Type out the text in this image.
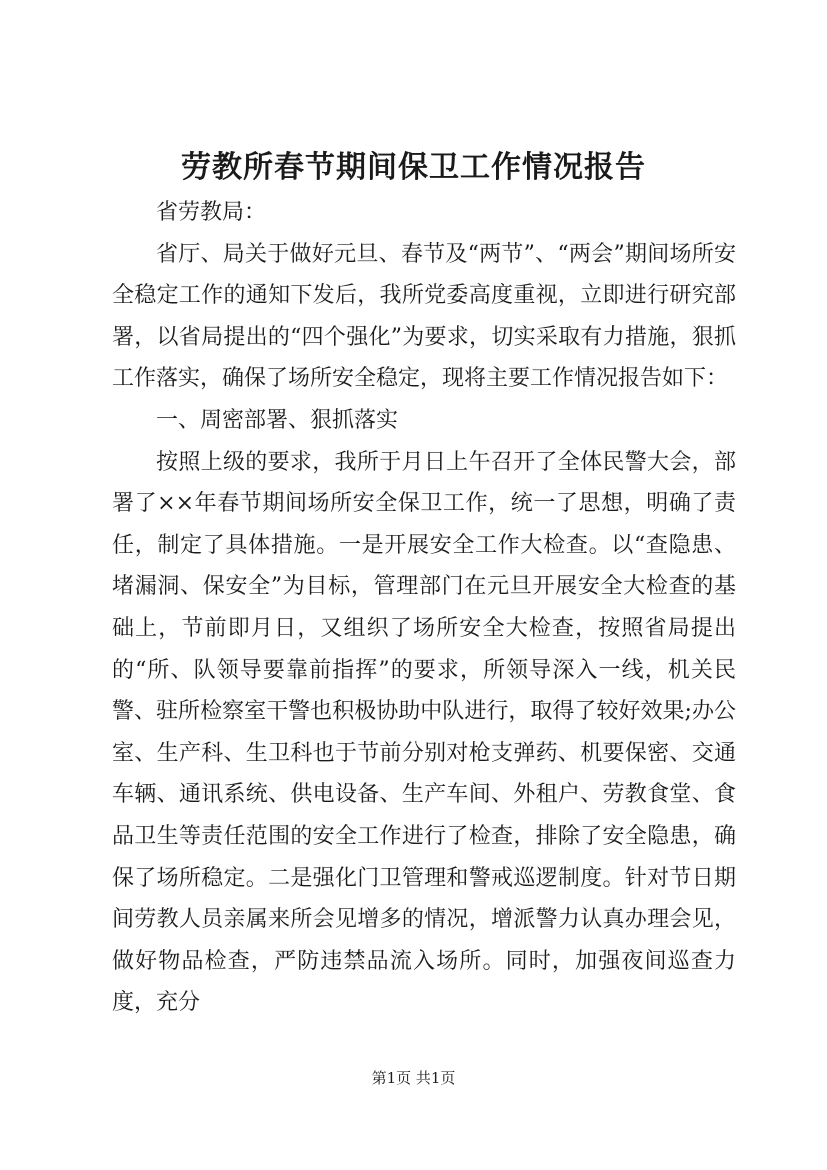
劳教所春节期间保卫工作情况报告

省劳教局：

省厅、局关于做好元旦、春节及“两节”、“两会”期间场所安全稳定工作的通知下发后，我所党委高度重视，立即进行研究部署，以省局提出的“四个强化”为要求，切实采取有力措施，狠抓工作落实，确保了场所安全稳定，现将主要工作情况报告如下：

一、周密部署、狠抓落实

按照上级的要求，我所于月日上午召开了全体民警大会，部署了××年春节期间场所安全保卫工作，统一了思想，明确了责任，制定了具体措施。一是开展安全工作大检查。以“查隐患、堵漏洞、保安全”为目标，管理部门在元旦开展安全大检查的基础上，节前即月日，又组织了场所安全大检查，按照省局提出的“所、队领导要靠前指挥”的要求，所领导深入一线，机关民警、驻所检察室干警也积极协助中队进行，取得了较好效果;办公室、生产科、生卫科也于节前分别对枪支弹药、机要保密、交通车辆、通讯系统、供电设备、生产车间、外租户、劳教食堂、食品卫生等责任范围的安全工作进行了检查，排除了安全隐患，确保了场所稳定。二是强化门卫管理和警戒巡逻制度。针对节日期间劳教人员亲属来所会见增多的情况，增派警力认真办理会见，做好物品检查，严防违禁品流入场所。同时，加强夜间巡查力度，充分

第1页 共1页
